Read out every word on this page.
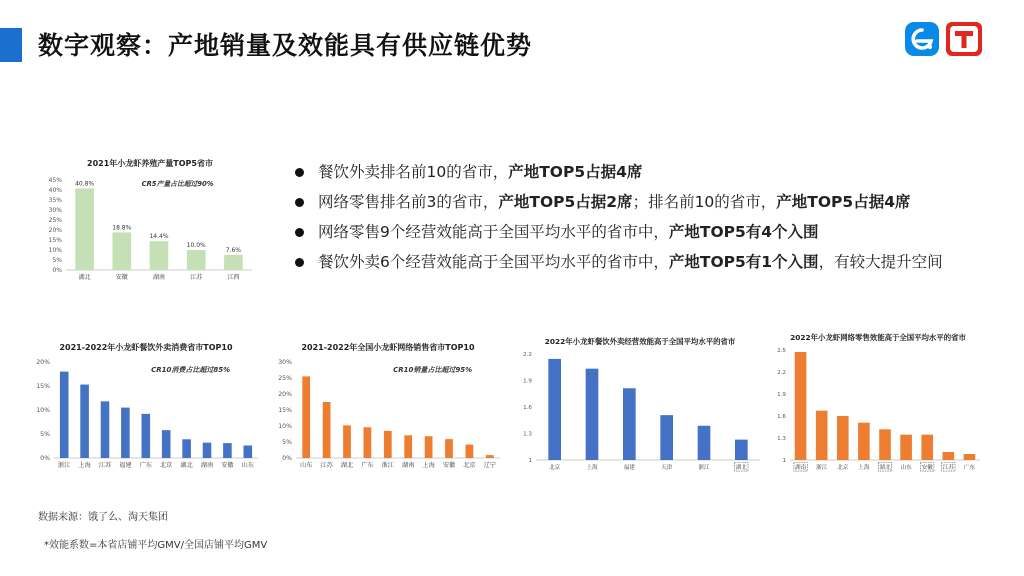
数字观察：产地销量及效能具有供应链优势
餐饮外卖排名前10的省市，产地TOP5占据4席
网络零售排名前3的省市，产地TOP5占据2席；排名前10的省市，产地TOP5占据4席
网络零售9个经营效能高于全国平均水平的省市中，产地TOP5有4个入围
餐饮外卖6个经营效能高于全国平均水平的省市中，产地TOP5有1个入围，有较大提升空间
2021年小龙虾养殖产量TOP5省市
0%
5%
10%
15%
20%
25%
30%
35%
40%
45%
湖北
40.8%
安徽
18.8%
湖南
14.4%
江苏
10.0%
江西
7.6%
CR5产量占比超过90%
2021-2022年小龙虾餐饮外卖消费省市TOP10
0%
5%
10%
15%
20%
浙江 上海 江苏 福建 广东 北京 湖北 湖南 安徽 山东
CR10消费占比超过85%
2021-2022年全国小龙虾网络销售省市TOP10
0%
5%
10%
15%
20%
25%
30%
山东 江苏 湖北 广东 浙江 湖南 上海 安徽 北京 辽宁
CR10销量占比超过95%
2022年小龙虾餐饮外卖经营效能高于全国平均水平的省市
1
1.3
1.6
1.9
2.2
北京	上海	福建	天津	浙江	湖北
2022年小龙虾网络零售效能高于全国平均水平的省市
1
1.3
1.6
1.9
2.2
2.5
湖南 浙江 北京 上海 湖北 山东 安徽 江苏 广东
数据来源：饿了么、淘天集团
*效能系数=本省店铺平均GMV/全国店铺平均GMV
